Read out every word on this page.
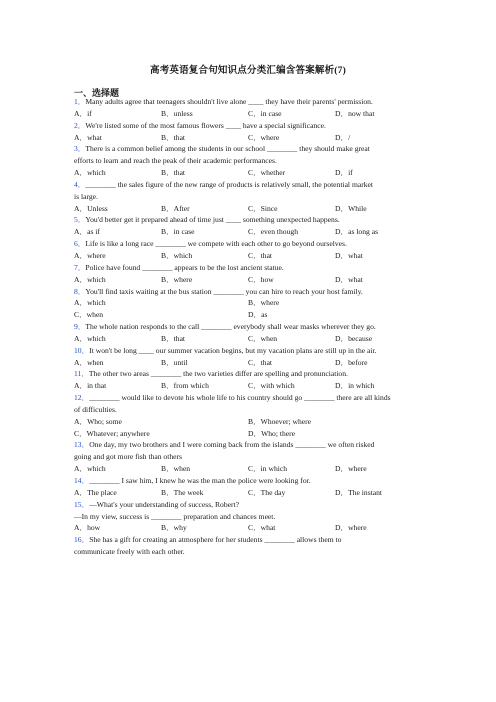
高考英语复合句知识点分类汇编含答案解析(7)
一、选择题
1．Many adults agree that teenagers shouldn't live alone ____ they have their parents' permission.
A．if	B．unless	C．in case	D．now that
2．We're listed some of the most famous flowers ____ have a special significance.
A．what	B．that	C．where	D．/
3．There is a common belief among the students in our school ________ they should make great
efforts to learn and reach the peak of their academic performances.
A．which	B．that	C．whether	D．if
4．________ the sales figure of the new range of products is relatively small, the potential market
is large.
A．Unless	B．After	C．Since	D．While
5．You'd better get it prepared ahead of time just ____ something unexpected happens.
A．as if	B．in case	C．even though	D．as long as
6．Life is like a long race ________ we compete with each other to go beyond ourselves.
A．where	B．which	C．that	D．what
7．Police have found ________ appears to be the lost ancient statue.
A．which	B．where	C．how	D．what
8．You'll find taxis waiting at the bus station ________ you can hire to reach your host family.
A．which	B．where
C．when	D．as
9．The whole nation responds to the call ________ everybody shall wear masks wherever they go.
A．which	B．that	C．when	D．because
10．It won't be long ____ our summer vacation begins, but my vacation plans are still up in the air.
A．when	B．until	C．that	D．before
11．The other two areas ________ the two varieties differ are spelling and pronunciation.
A．in that	B．from which	C．with which	D．in which
12．________ would like to devote his whole life to his country should go ________ there are all kinds
of difficulties.
A．Who; some	B．Whoever; where
C．Whatever; anywhere	D．Who; there
13．One day, my two brothers and I were coming back from the islands ________ we often risked
going and got more fish than others
A．which	B．when	C．in which	D．where
14．________ I saw him, I knew he was the man the police were looking for.
A．The place	B．The week	C．The day	D．The instant
15．—What's your understanding of success, Robert?
—In my view, success is ________ preparation and chances meet.
A．how	B．why	C．what	D．where
16．She has a gift for creating an atmosphere for her students ________ allows them to
communicate freely with each other.
